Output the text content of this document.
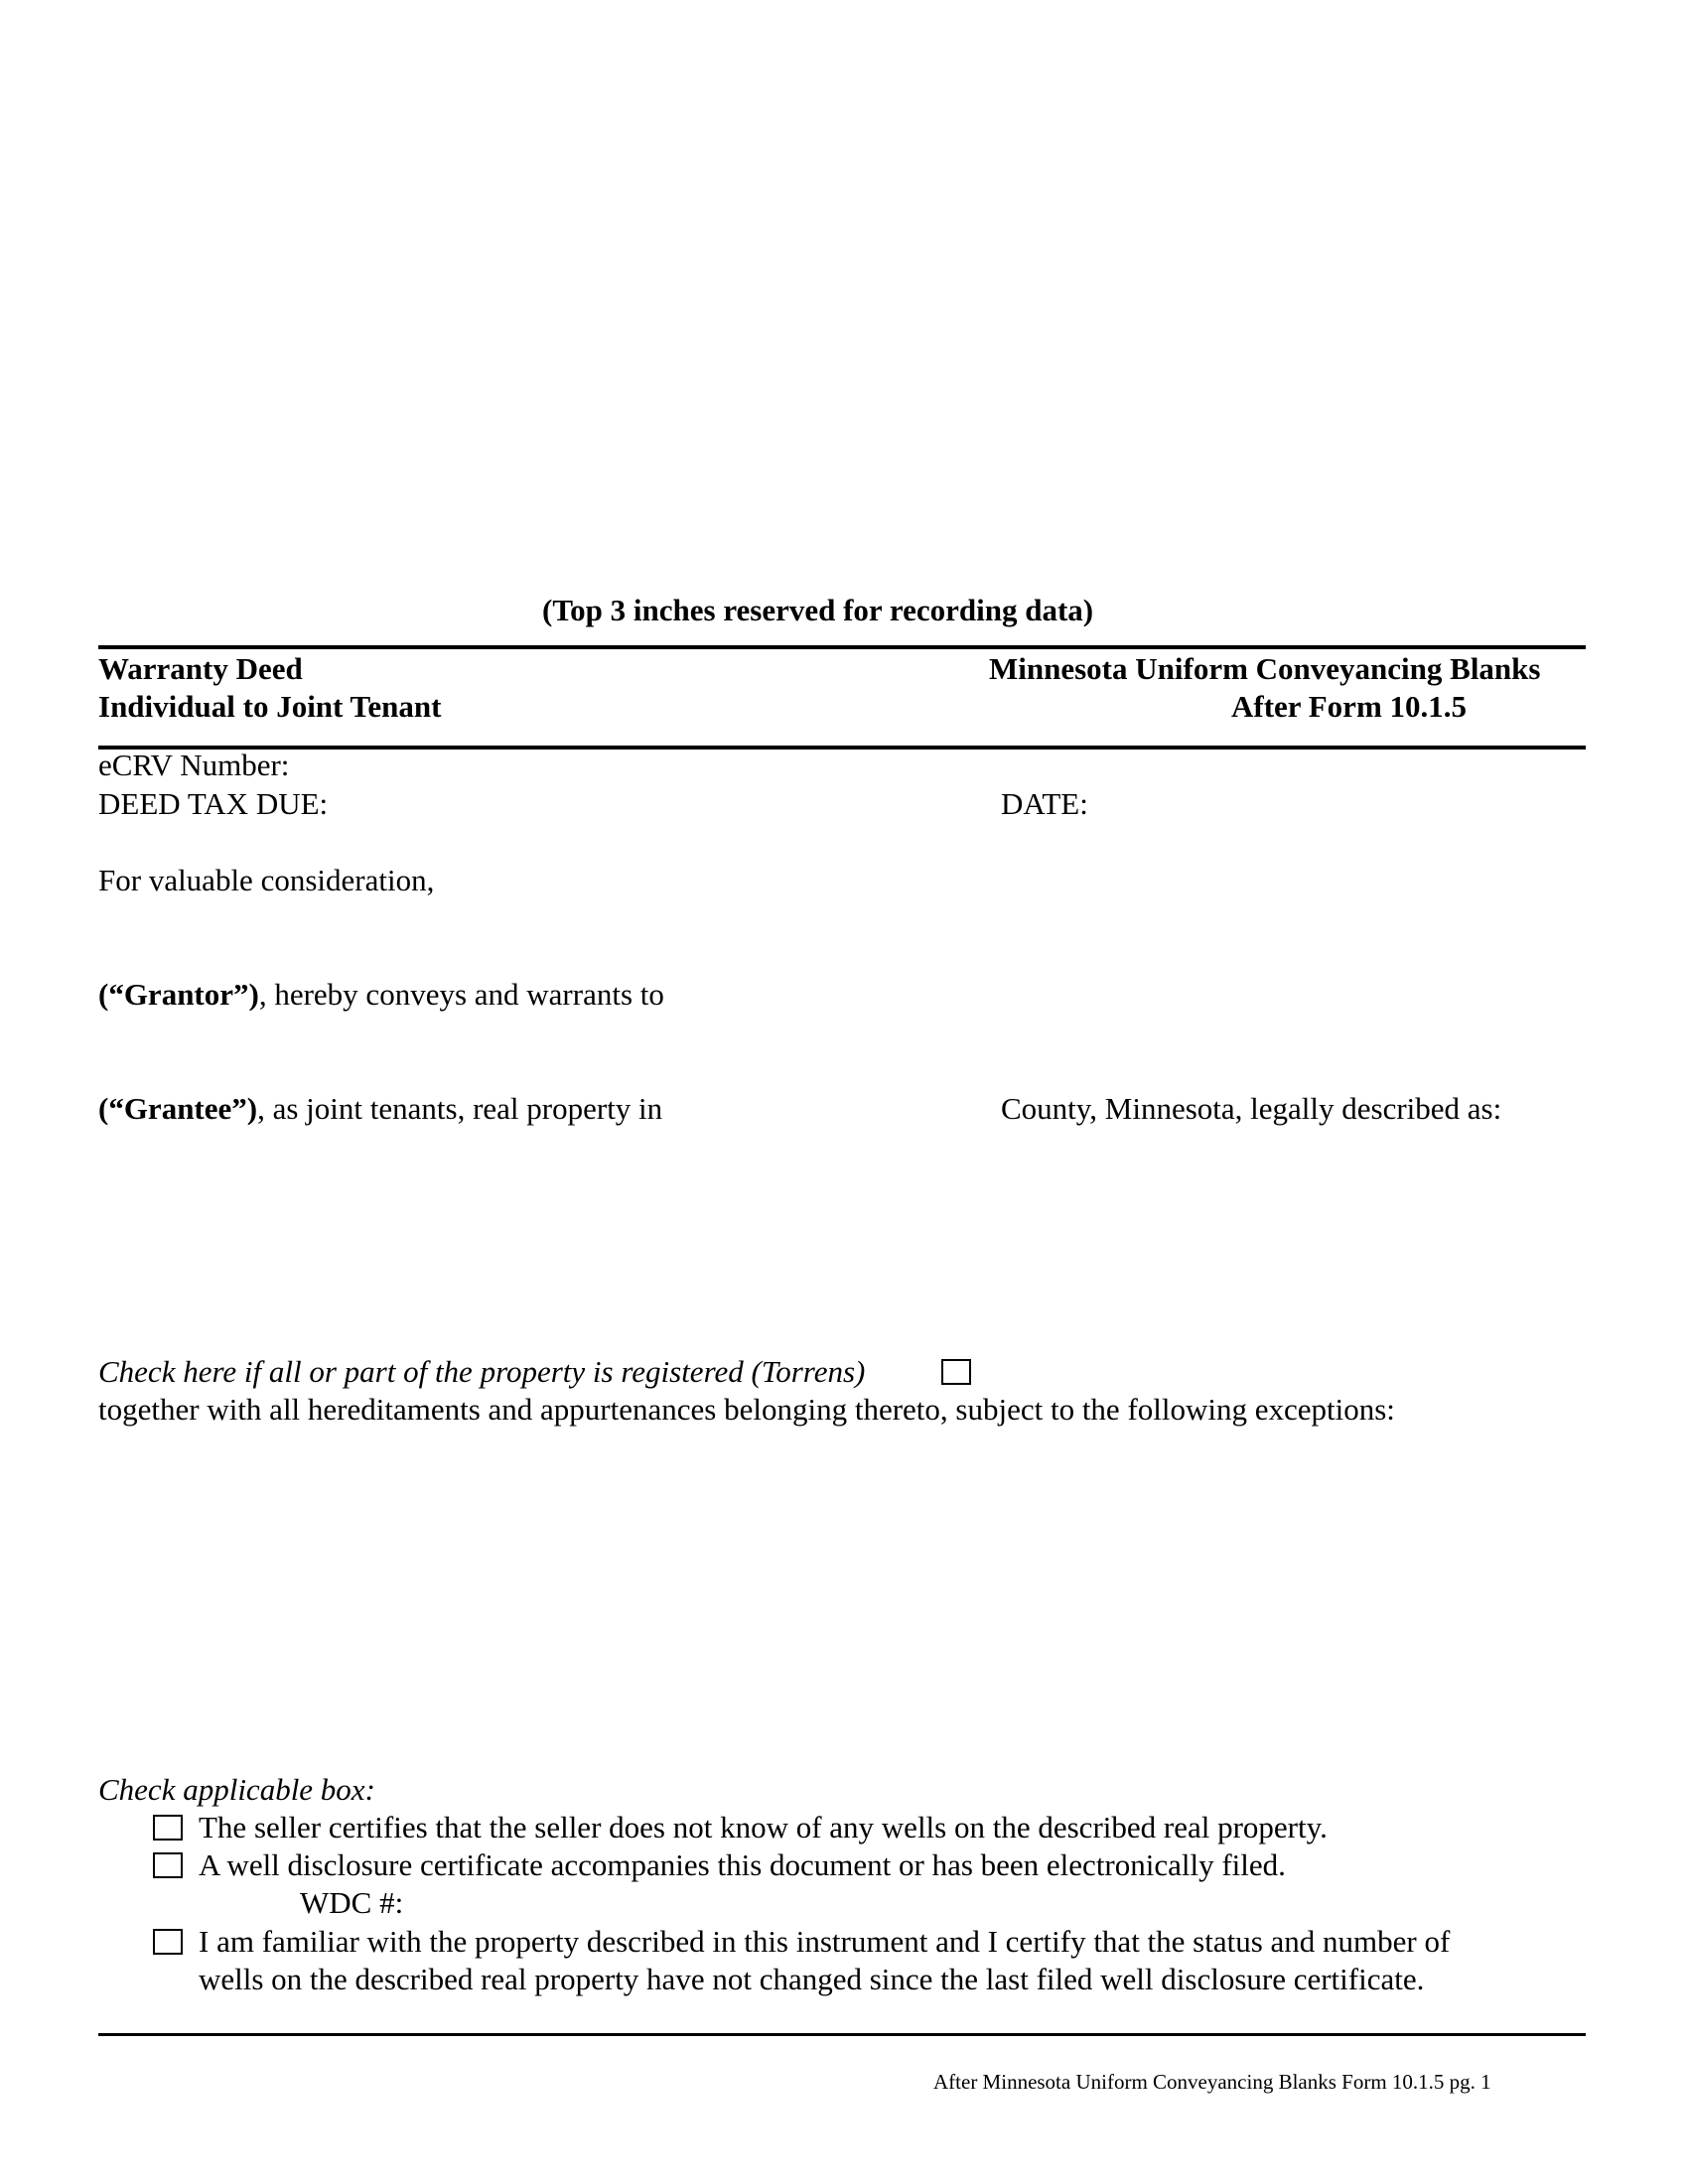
(Top 3 inches reserved for recording data)
Warranty Deed
Individual to Joint Tenant
Minnesota Uniform Conveyancing Blanks
After Form 10.1.5
eCRV Number:
DEED TAX DUE:	DATE:
For valuable consideration,
(“Grantor”), hereby conveys and warrants to
(“Grantee”), as joint tenants, real property in	County, Minnesota, legally described as:
Check here if all or part of the property is registered (Torrens)
together with all hereditaments and appurtenances belonging thereto, subject to the following exceptions:
Check applicable box:
The seller certifies that the seller does not know of any wells on the described real property.
A well disclosure certificate accompanies this document or has been electronically filed.
WDC #:
I am familiar with the property described in this instrument and I certify that the status and number of
wells on the described real property have not changed since the last filed well disclosure certificate.
After Minnesota Uniform Conveyancing Blanks Form 10.1.5 pg. 1
